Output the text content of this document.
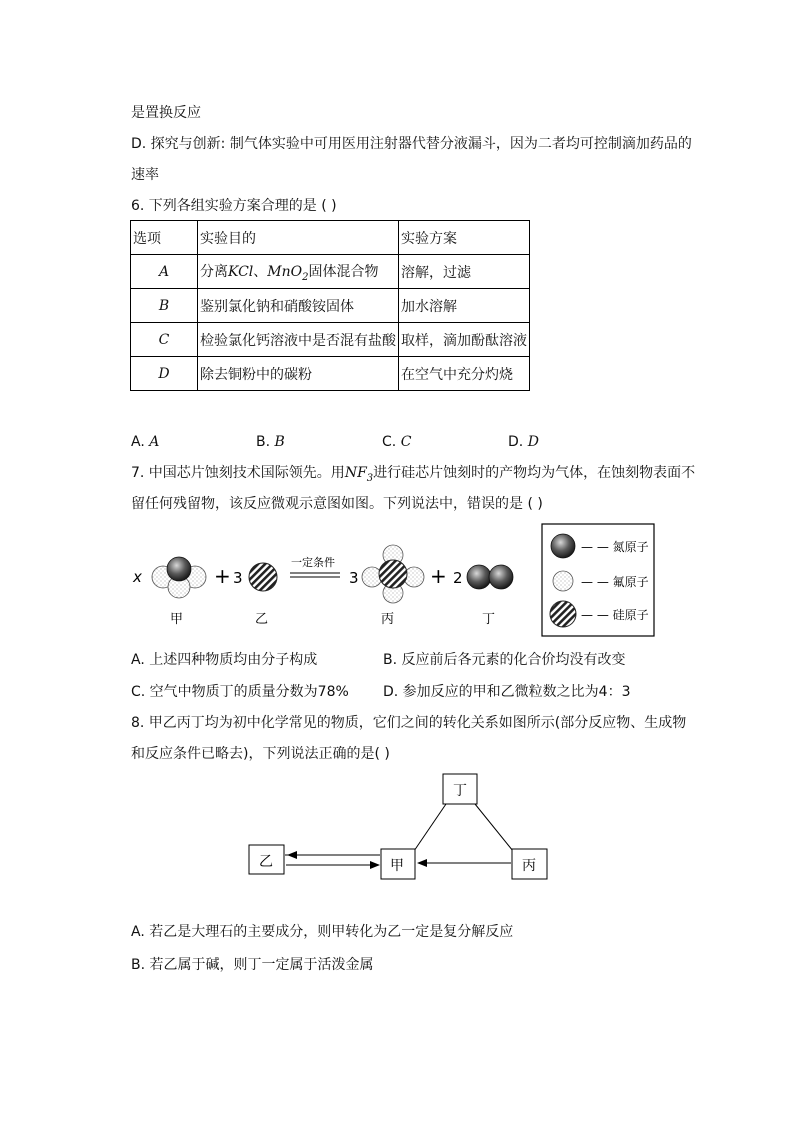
是置换反应
D. 探究与创新: 制气体实验中可用医用注射器代替分液漏斗，因为二者均可控制滴加药品的
速率
6. 下列各组实验方案合理的是 ( )
选项	实验目的	实验方案
A	分离KCl、MnO$_2$固体混合物	溶解，过滤
B	鉴别氯化钠和硝酸铵固体	加水溶解
C	检验氯化钙溶液中是否混有盐酸	取样，滴加酚酞溶液
D	除去铜粉中的碳粉	在空气中充分灼烧
A. A	B. B	C. C	D. D
7. 中国芯片蚀刻技术国际领先。用$NF_3$进行硅芯片蚀刻时的产物均为气体，在蚀刻物表面不
留任何残留物，该反应微观示意图如图。下列说法中，错误的是 ( )
x	+ 3
一定条件
3	+ 2
甲	乙	丙	丁
— — 氮原子
— — 氟原子
— — 硅原子
丁
乙	甲	丙
A. 上述四种物质均由分子构成	B. 反应前后各元素的化合价均没有改变
C. 空气中物质丁的质量分数为78% D. 参加反应的甲和乙微粒数之比为4：3
8. 甲乙丙丁均为初中化学常见的物质，它们之间的转化关系如图所示(部分反应物、生成物
和反应条件已略去)，下列说法正确的是( )
A. 若乙是大理石的主要成分，则甲转化为乙一定是复分解反应
B. 若乙属于碱，则丁一定属于活泼金属
